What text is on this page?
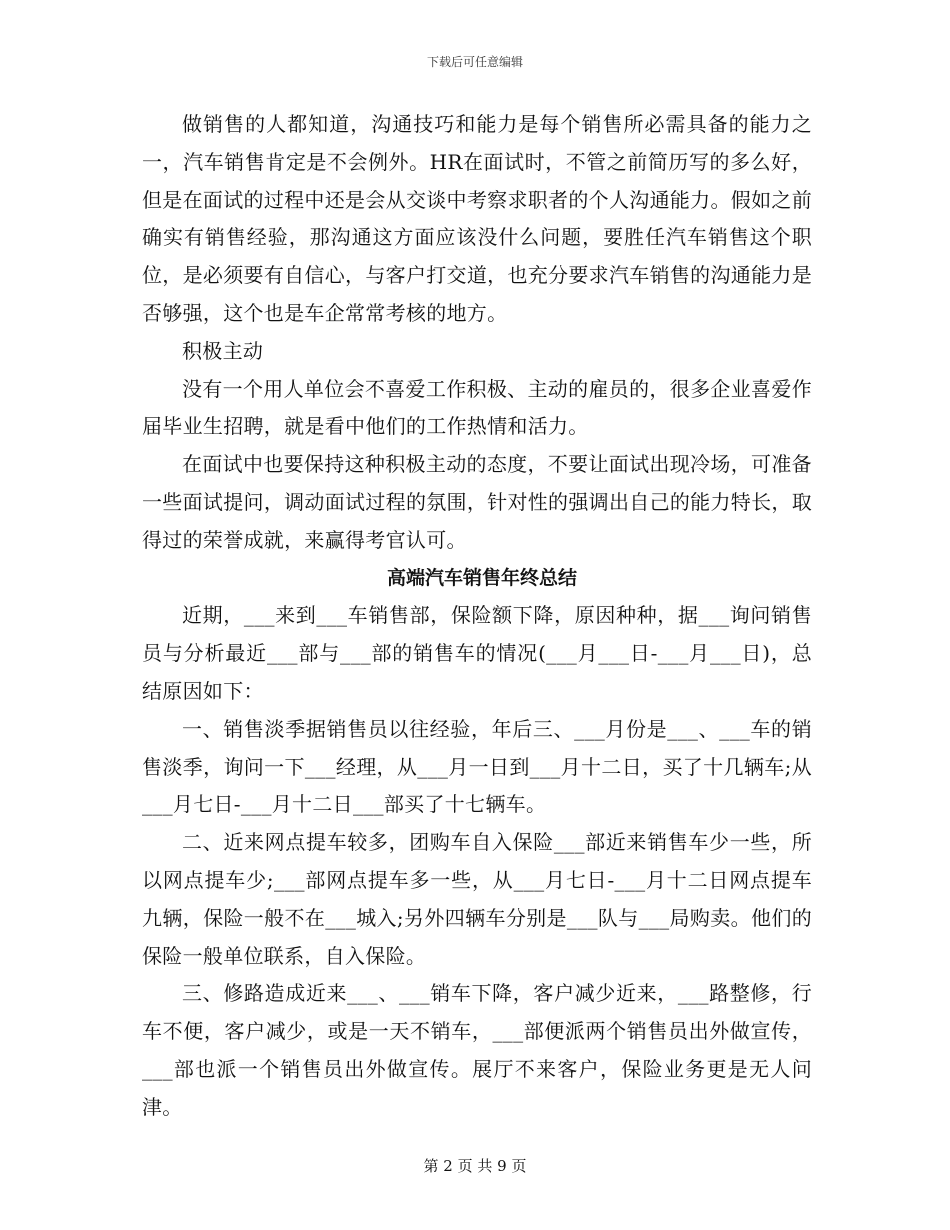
下载后可任意编辑

做销售的人都知道，沟通技巧和能力是每个销售所必需具备的能力之一，汽车销售肯定是不会例外。HR在面试时，不管之前简历写的多么好，但是在面试的过程中还是会从交谈中考察求职者的个人沟通能力。假如之前确实有销售经验，那沟通这方面应该没什么问题，要胜任汽车销售这个职位，是必须要有自信心，与客户打交道，也充分要求汽车销售的沟通能力是否够强，这个也是车企常常考核的地方。

积极主动

没有一个用人单位会不喜爱工作积极、主动的雇员的，很多企业喜爱作届毕业生招聘，就是看中他们的工作热情和活力。

在面试中也要保持这种积极主动的态度，不要让面试出现冷场，可准备一些面试提问，调动面试过程的氛围，针对性的强调出自己的能力特长，取得过的荣誉成就，来赢得考官认可。

高端汽车销售年终总结

近期，___来到___车销售部，保险额下降，原因种种，据___询问销售员与分析最近___部与___部的销售车的情况(___月___日-___月___日)，总结原因如下：

一、销售淡季据销售员以往经验，年后三、___月份是___、___车的销售淡季，询问一下___经理，从___月一日到___月十二日，买了十几辆车;从___月七日-___月十二日___部买了十七辆车。

二、近来网点提车较多，团购车自入保险___部近来销售车少一些，所以网点提车少;___部网点提车多一些，从___月七日-___月十二日网点提车九辆，保险一般不在___城入;另外四辆车分别是___队与___局购卖。他们的保险一般单位联系，自入保险。

三、修路造成近来___、___销车下降，客户减少近来，___路整修，行车不便，客户减少，或是一天不销车，___部便派两个销售员出外做宣传，___部也派一个销售员出外做宣传。展厅不来客户，保险业务更是无人问津。

第 2 页 共 9 页
